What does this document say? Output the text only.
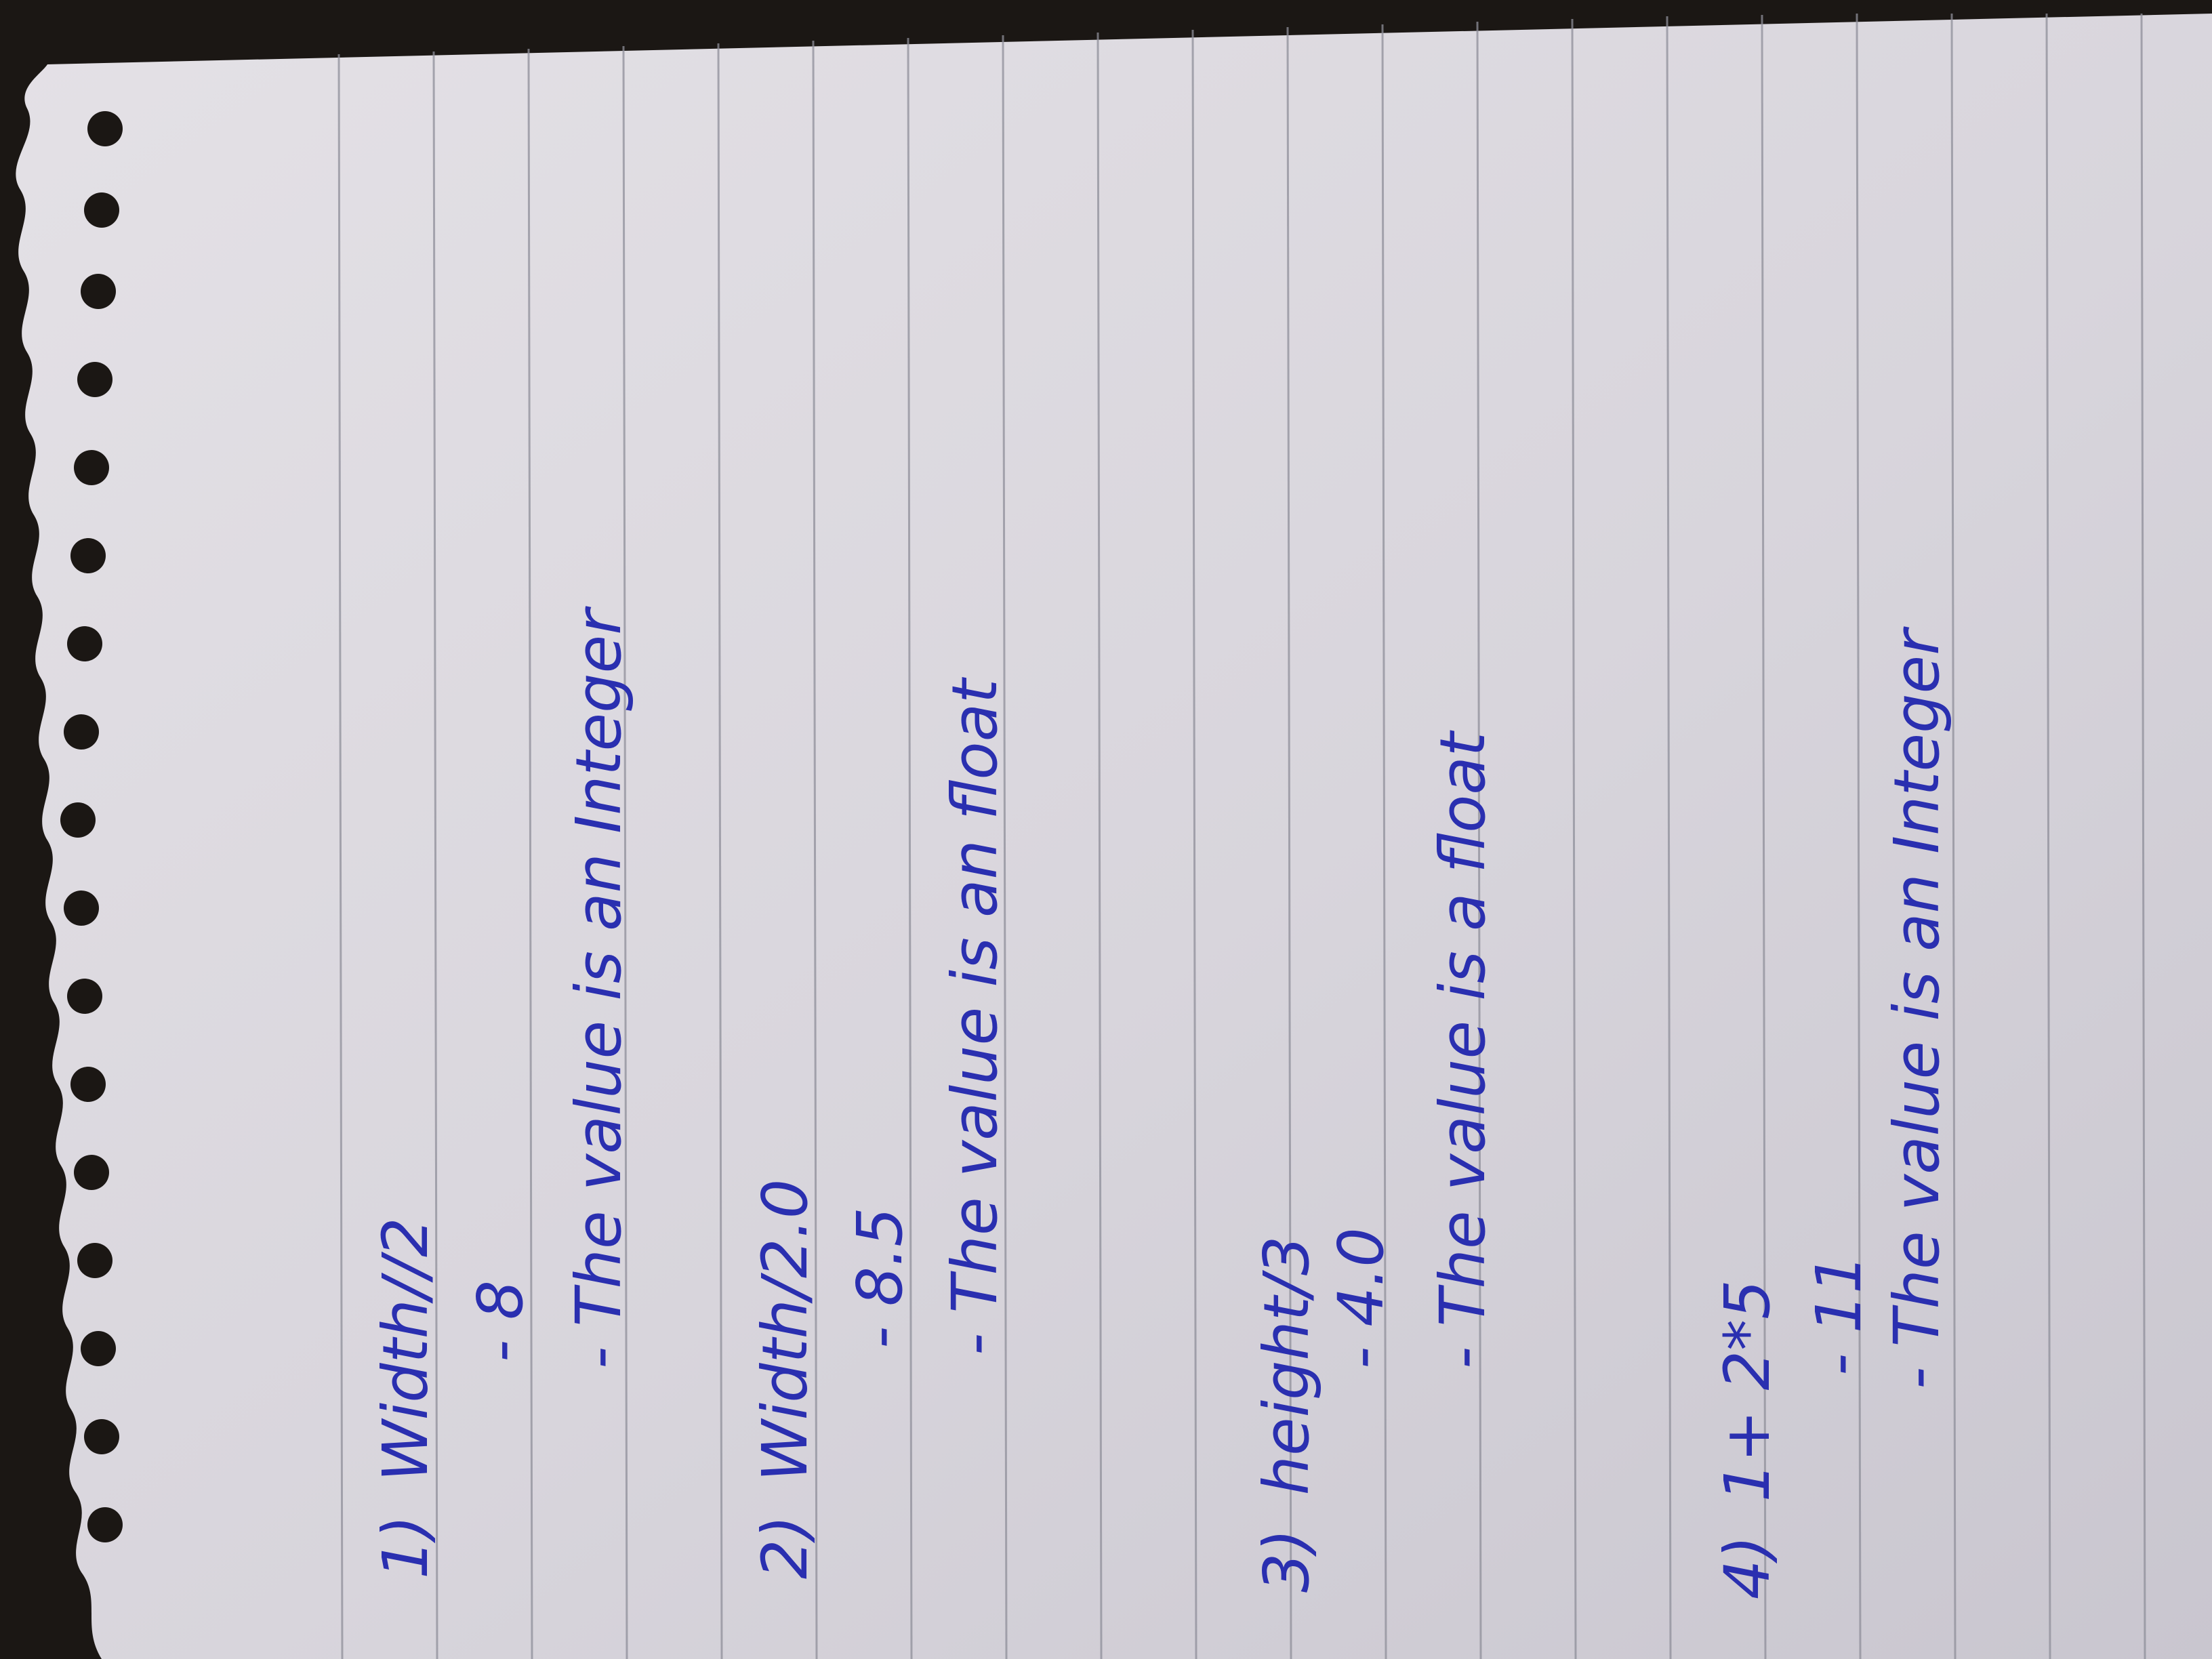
1) Width//2 - 8 - The value is an Integer
2) Width/2.0 - 8.5 - The value is an float
3) height/3 - 4.0 - The value is a float
4) 1+ 2*5 - 11 - The value is an Integer
